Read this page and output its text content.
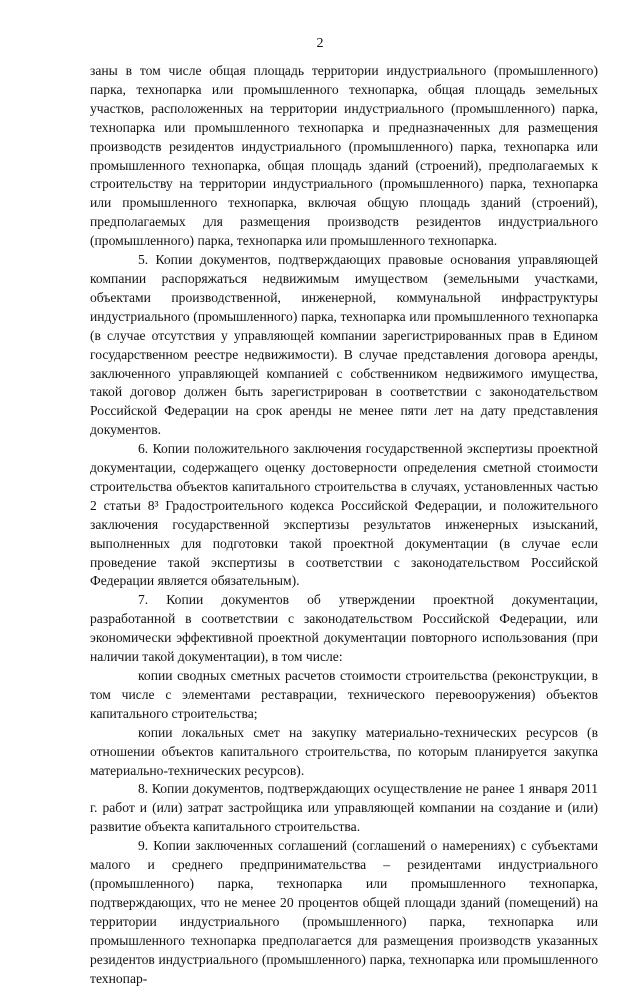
2

заны в том числе общая площадь территории индустриального (промышленного) парка, технопарка или промышленного технопарка, общая площадь земельных участков, расположенных на территории индустриального (промышленного) парка, технопарка или промышленного технопарка и предназначенных для размещения производств резидентов индустриального (промышленного) парка, технопарка или промышленного технопарка, общая площадь зданий (строений), предполагаемых к строительству на территории индустриального (промышленного) парка, технопарка или промышленного технопарка, включая общую площадь зданий (строений), предполагаемых для размещения производств резидентов индустриального (промышленного) парка, технопарка или промышленного технопарка.

5. Копии документов, подтверждающих правовые основания управляющей компании распоряжаться недвижимым имуществом (земельными участками, объектами производственной, инженерной, коммунальной инфраструктуры индустриального (промышленного) парка, технопарка или промышленного технопарка (в случае отсутствия у управляющей компании зарегистрированных прав в Едином государственном реестре недвижимости). В случае представления договора аренды, заключенного управляющей компанией с собственником недвижимого имущества, такой договор должен быть зарегистрирован в соответствии с законодательством Российской Федерации на срок аренды не менее пяти лет на дату представления документов.

6. Копии положительного заключения государственной экспертизы проектной документации, содержащего оценку достоверности определения сметной стоимости строительства объектов капитального строительства в случаях, установленных частью 2 статьи 8³ Градостроительного кодекса Российской Федерации, и положительного заключения государственной экспертизы результатов инженерных изысканий, выполненных для подготовки такой проектной документации (в случае если проведение такой экспертизы в соответствии с законодательством Российской Федерации является обязательным).

7. Копии документов об утверждении проектной документации, разработанной в соответствии с законодательством Российской Федерации, или экономически эффективной проектной документации повторного использования (при наличии такой документации), в том числе:

копии сводных сметных расчетов стоимости строительства (реконструкции, в том числе с элементами реставрации, технического перевооружения) объектов капитального строительства;

копии локальных смет на закупку материально-технических ресурсов (в отношении объектов капитального строительства, по которым планируется закупка материально-технических ресурсов).

8. Копии документов, подтверждающих осуществление не ранее 1 января 2011 г. работ и (или) затрат застройщика или управляющей компании на создание и (или) развитие объекта капитального строительства.

9. Копии заключенных соглашений (соглашений о намерениях) с субъектами малого и среднего предпринимательства – резидентами индустриального (промышленного) парка, технопарка или промышленного технопарка, подтверждающих, что не менее 20 процентов общей площади зданий (помещений) на территории индустриального (промышленного) парка, технопарка или промышленного технопарка предполагается для размещения производств указанных резидентов индустриального (промышленного) парка, технопарка или промышленного технопар-
